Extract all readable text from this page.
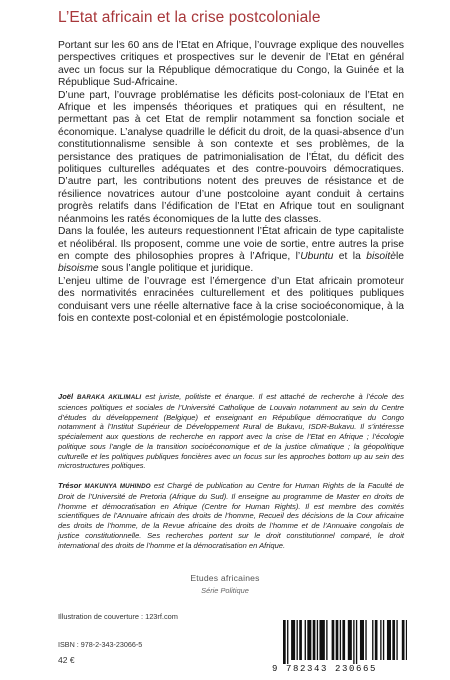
L’Etat africain et la crise postcoloniale

Portant sur les 60 ans de l’Etat en Afrique, l’ouvrage explique des nouvelles perspectives critiques et prospectives sur le devenir de l’Etat en général avec un focus sur la République démocratique du Congo, la Guinée et la République Sud-Africaine.

D’une part, l’ouvrage problématise les déficits post-coloniaux de l’Etat en Afrique et les impensés théoriques et pratiques qui en résultent, ne permettant pas à cet Etat de remplir notamment sa fonction sociale et économique. L’analyse quadrille le déficit du droit, de la quasi-absence d’un constitutionnalisme sensible à son contexte et ses problèmes, de la persistance des pratiques de patrimonialisation de l’État, du déficit des politiques culturelles adéquates et des contre-pouvoirs démocratiques. D’autre part, les contributions notent des preuves de résistance et de résilience novatrices autour d’une postcoloine ayant conduit à certains progrès relatifs dans l’édification de l’Etat en Afrique tout en soulignant néanmoins les ratés économiques de la lutte des classes.

Dans la foulée, les auteurs requestionnent l’État africain de type capitaliste et néolibéral. Ils proposent, comme une voie de sortie, entre autres la prise en compte des philosophies propres à l’Afrique, l’Ubuntu et la bisoitèle bisoisme sous l’angle politique et juridique.

L’enjeu ultime de l’ouvrage est l’émergence d’un Etat africain promoteur des normativités enracinées culturellement et des politiques publiques conduisant vers une réelle alternative face à la crise socioéconomique, à la fois en contexte post-colonial et en épistémologie postcoloniale.

Joël BARAKA AKILIMALI est juriste, politiste et énarque. Il est attaché de recherche à l’école des sciences politiques et sociales de l’Université Catholique de Louvain notamment au sein du Centre d’études du développement (Belgique) et enseignant en République démocratique du Congo notamment à l’Institut Supérieur de Développement Rural de Bukavu, ISDR-Bukavu. Il s’intéresse spécialement aux questions de recherche en rapport avec la crise de l’Etat en Afrique ; l’écologie politique sous l’angle de la transition socioéconomique et de la justice climatique ; la géopolitique culturelle et les politiques publiques foncières avec un focus sur les approches bottom up au sein des microstructures politiques.

Trésor MAKUNYA MUHINDO est Chargé de publication au Centre for Human Rights de la Faculté de Droit de l’Université de Pretoria (Afrique du Sud). Il enseigne au programme de Master en droits de l’homme et démocratisation en Afrique (Centre for Human Rights). Il est membre des comités scientifiques de l’Annuaire africain des droits de l’homme, Recueil des décisions de la Cour africaine des droits de l’homme, de la Revue africaine des droits de l’homme et de l’Annuaire congolais de justice constitutionnelle. Ses recherches portent sur le droit constitutionnel comparé, le droit international des droits de l’homme et la démocratisation en Afrique.

Etudes africaines
Série Politique
Illustration de couverture : 123rf.com
ISBN : 978-2-343-23066-5
42 €
9 782343 230665
